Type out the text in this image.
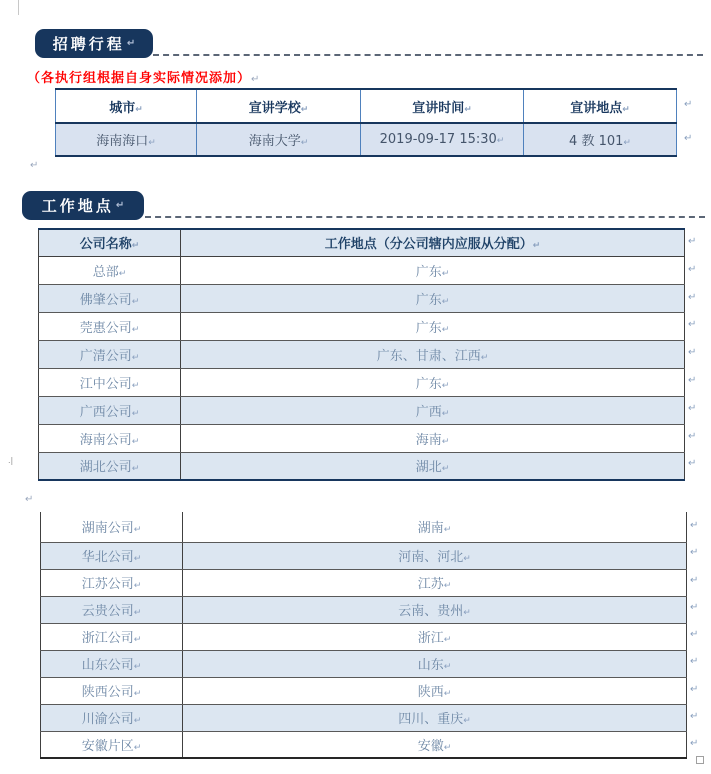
招聘行程 ↵
（各执行组根据自身实际情况添加）↵
城市↵	宣讲学校↵	宣讲时间↵	宣讲地点↵
海南海口↵	海南大学↵	2019-09-17 15:30↵	4 教 101↵
↵
↵
↵
工作地点 ↵
公司名称↵	工作地点（分公司辖内应服从分配）↵
总部↵	广东↵
佛肇公司↵	广东↵
莞惠公司↵	广东↵
广清公司↵	广东、甘肃、江西↵
江中公司↵	广东↵
广西公司↵	广西↵
海南公司↵	海南↵
湖北公司↵	湖北↵
↵
↵
↵
↵
↵
↵
↵
↵
↵
.|
↵
湖南公司↵	湖南↵
华北公司↵	河南、河北↵
江苏公司↵	江苏↵
云贵公司↵	云南、贵州↵
浙江公司↵	浙江↵
山东公司↵	山东↵
陕西公司↵	陕西↵
川渝公司↵	四川、重庆↵
安徽片区↵	安徽↵
↵
↵
↵
↵
↵
↵
↵
↵
↵
